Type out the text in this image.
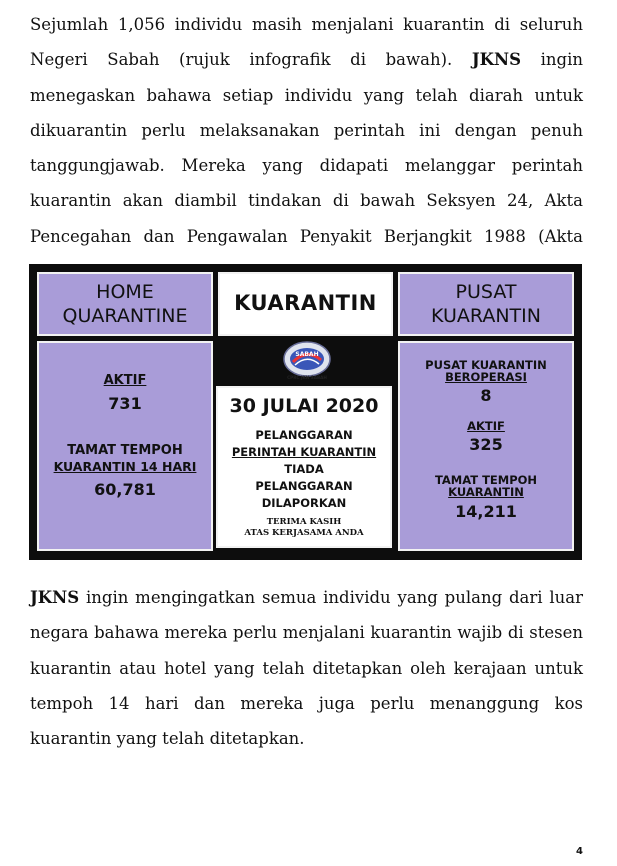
Sejumlah 1,056 individu masih menjalani kuarantin di seluruh Negeri Sabah (rujuk infografik di bawah). JKNS ingin menegaskan bahawa setiap individu yang telah diarah untuk dikuarantin perlu melaksanakan perintah ini dengan penuh tanggungjawab. Mereka yang didapati melanggar perintah kuarantin akan diambil tindakan di bawah Seksyen 24, Akta Pencegahan dan Pengawalan Penyakit Berjangkit 1988 (Akta

HOME
QUARANTINE
KUARANTIN	PUSAT
KUARANTIN
AKTIF
731
TAMAT TEMPOH
KUARANTIN 14 HARI
60,781
SABAH
CPRC JKN SABAH
30 JULAI 2020
PELANGGARAN
PERINTAH KUARANTIN
TIADA
PELANGGARAN
DILAPORKAN
TERIMA KASIH
ATAS KERJASAMA ANDA
PUSAT KUARANTIN
BEROPERASI
8
AKTIF
325
TAMAT TEMPOH
KUARANTIN
14,211

JKNS ingin mengingatkan semua individu yang pulang dari luar negara bahawa mereka perlu menjalani kuarantin wajib di stesen kuarantin atau hotel yang telah ditetapkan oleh kerajaan untuk tempoh 14 hari dan mereka juga perlu menanggung kos kuarantin yang telah ditetapkan.

4
